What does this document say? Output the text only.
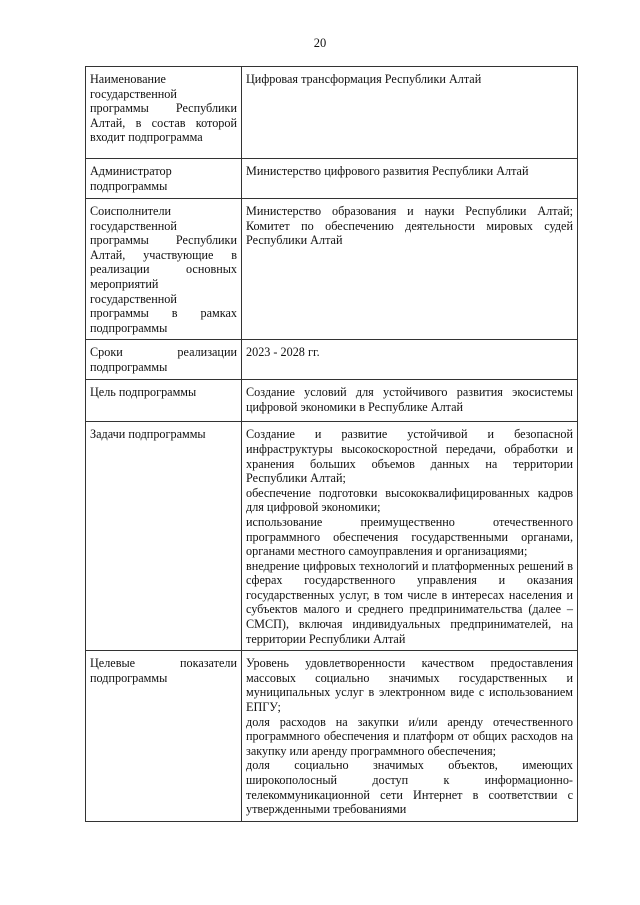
20
Наименование государственной программы Республики Алтай, в состав которой входит подпрограмма	Цифровая трансформация Республики Алтай

Администратор подпрограммы	Министерство цифрового развития Республики Алтай

Соисполнители государственной программы Республики Алтай, участвующие в реализации основных мероприятий государственной программы в рамках подпрограммы	Министерство образования и науки Республики Алтай; Комитет по обеспечению деятельности мировых судей Республики Алтай

Сроки реализации подпрограммы	2023 - 2028 гг.

Цель подпрограммы	Создание условий для устойчивого развития экосистемы цифровой экономики в Республике Алтай

Задачи подпрограммы	Создание и развитие устойчивой и безопасной инфраструктуры высокоскоростной передачи, обработки и хранения больших объемов данных на территории Республики Алтай;
обеспечение подготовки высококвалифицированных кадров для цифровой экономики;
использование преимущественно отечественного программного обеспечения государственными органами, органами местного самоуправления и организациями;
внедрение цифровых технологий и платформенных решений в сферах государственного управления и оказания государственных услуг, в том числе в интересах населения и субъектов малого и среднего предпринимательства (далее – СМСП), включая индивидуальных предпринимателей, на территории Республики Алтай

Целевые показатели подпрограммы	Уровень удовлетворенности качеством предоставления массовых социально значимых государственных и муниципальных услуг в электронном виде с использованием ЕПГУ;
доля расходов на закупки и/или аренду отечественного программного обеспечения и платформ от общих расходов на закупку или аренду программного обеспечения;
доля социально значимых объектов, имеющих широкополосный доступ к информационно-телекоммуникационной сети Интернет в соответствии с утвержденными требованиями
